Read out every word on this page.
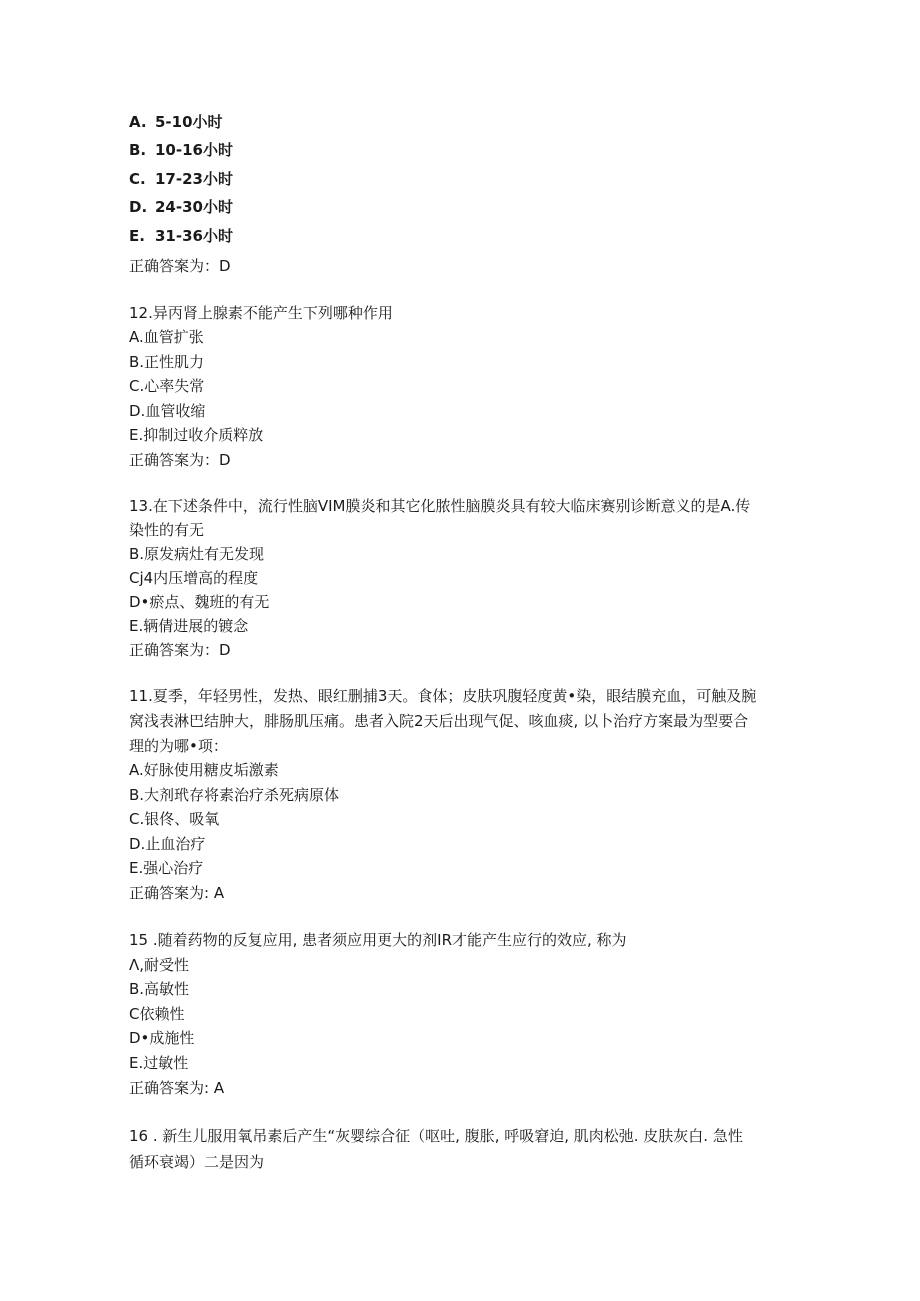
A. 5-10小时
B. 10-16小时
C. 17-23小时
D. 24-30小时
E. 31-36小时
正确答案为：D
12.异丙肾上腺素不能产生下列哪种作用
A.血管扩张
B.正性肌力
C.心率失常
D.血管收缩
E.抑制过收介质粹放
正确答案为：D
13.在下述条件中，流行性脑VIM膜炎和其它化脓性脑膜炎具有较大临床赛别诊断意义的是A.传
染性的有无
B.原发病灶有无发现
Cj4内压增高的程度
D•瘀点、魏班的有无
E.辆倩进展的镀念
正确答案为：D
11.夏季，年轻男性，发热、眼红删捕3天。食体；皮肤巩腹轻度黄•染，眼结膜充血，可触及腕
窝浅表淋巴结肿大，腓肠肌压痛。患者入院2天后出现气促、咳血痰, 以卜治疗方案最为型要合
理的为哪•项：
A.好脉使用糖皮垢激素
B.大剂玳存将素治疗杀死病原体
C.银佟、吸氧
D.止血治疗
E.强心治疗
正确答案为: A
15 .随着药物的反复应用, 患者须应用更大的剂IR才能产生应行的效应, 称为
Λ,耐受性
B.高敏性
C依赖性
D•成施性
E.过敏性
正确答案为: A
16 . 新生儿服用氧吊素后产生“灰婴综合征（呕吐, 腹胀, 呼吸窘迫, 肌肉松弛. 皮肤灰白. 急性
循环衰竭）二是因为
